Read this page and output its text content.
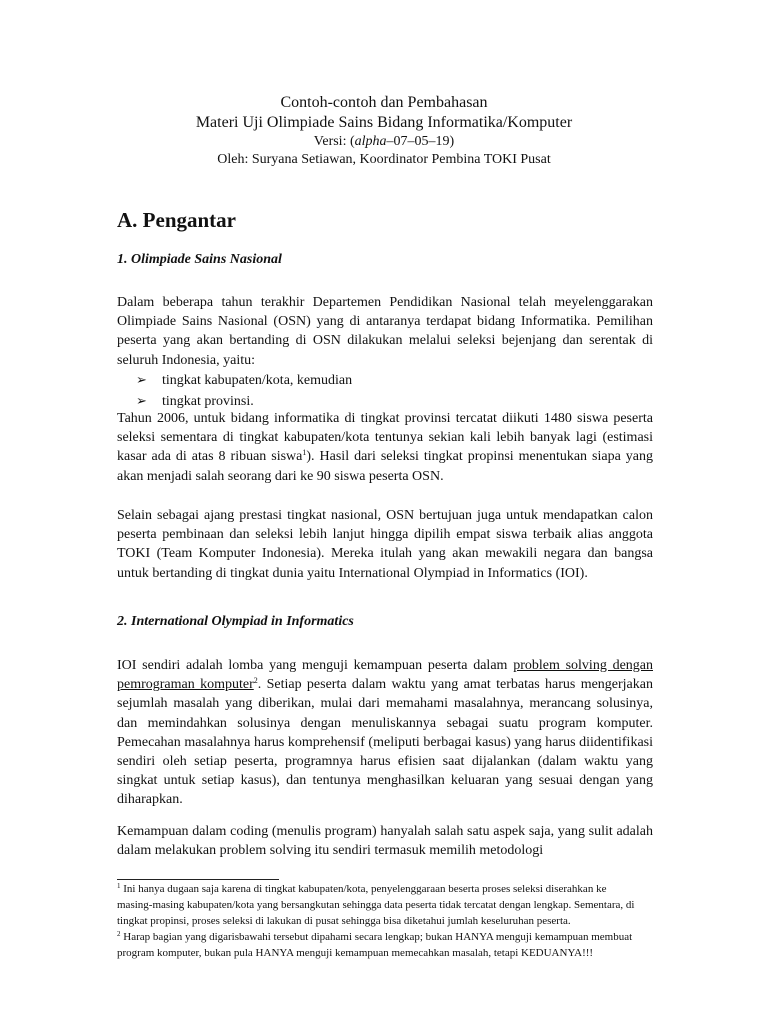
Contoh-contoh dan Pembahasan
Materi Uji Olimpiade Sains Bidang Informatika/Komputer
Versi: (alpha–07–05–19)
Oleh: Suryana Setiawan, Koordinator Pembina TOKI Pusat
A. Pengantar
1. Olimpiade Sains Nasional

Dalam beberapa tahun terakhir Departemen Pendidikan Nasional telah meyelenggarakan Olimpiade Sains Nasional (OSN) yang di antaranya terdapat bidang Informatika. Pemilihan peserta yang akan bertanding di OSN dilakukan melalui seleksi bejenjang dan serentak di seluruh Indonesia, yaitu:

➢	tingkat kabupaten/kota, kemudian
➢	tingkat provinsi.

Tahun 2006, untuk bidang informatika di tingkat provinsi tercatat diikuti 1480 siswa peserta seleksi sementara di tingkat kabupaten/kota tentunya sekian kali lebih banyak lagi (estimasi kasar ada di atas 8 ribuan siswa$^1$). Hasil dari seleksi tingkat propinsi menentukan siapa yang akan menjadi salah seorang dari ke 90 siswa peserta OSN.

Selain sebagai ajang prestasi tingkat nasional, OSN bertujuan juga untuk mendapatkan calon peserta pembinaan dan seleksi lebih lanjut hingga dipilih empat siswa terbaik alias anggota TOKI (Team Komputer Indonesia). Mereka itulah yang akan mewakili negara dan bangsa untuk bertanding di tingkat dunia yaitu International Olympiad in Informatics (IOI).

2. International Olympiad in Informatics

IOI sendiri adalah lomba yang menguji kemampuan peserta dalam problem solving dengan pemrograman komputer$^2$. Setiap peserta dalam waktu yang amat terbatas harus mengerjakan sejumlah masalah yang diberikan, mulai dari memahami masalahnya, merancang solusinya, dan memindahkan solusinya dengan menuliskannya sebagai suatu program komputer. Pemecahan masalahnya harus komprehensif (meliputi berbagai kasus) yang harus diidentifikasi sendiri oleh setiap peserta, programnya harus efisien saat dijalankan (dalam waktu yang singkat untuk setiap kasus), dan tentunya menghasilkan keluaran yang sesuai dengan yang diharapkan.

Kemampuan dalam coding (menulis program) hanyalah salah satu aspek saja, yang sulit adalah dalam melakukan problem solving itu sendiri termasuk memilih metodologi

$^1$ Ini hanya dugaan saja karena di tingkat kabupaten/kota, penyelenggaraan beserta proses seleksi diserahkan ke masing-masing kabupaten/kota yang bersangkutan sehingga data peserta tidak tercatat dengan lengkap. Sementara, di tingkat propinsi, proses seleksi di lakukan di pusat sehingga bisa diketahui jumlah keseluruhan peserta.

$^2$ Harap bagian yang digarisbawahi tersebut dipahami secara lengkap; bukan HANYA menguji kemampuan membuat program komputer, bukan pula HANYA menguji kemampuan memecahkan masalah, tetapi KEDUANYA!!!
